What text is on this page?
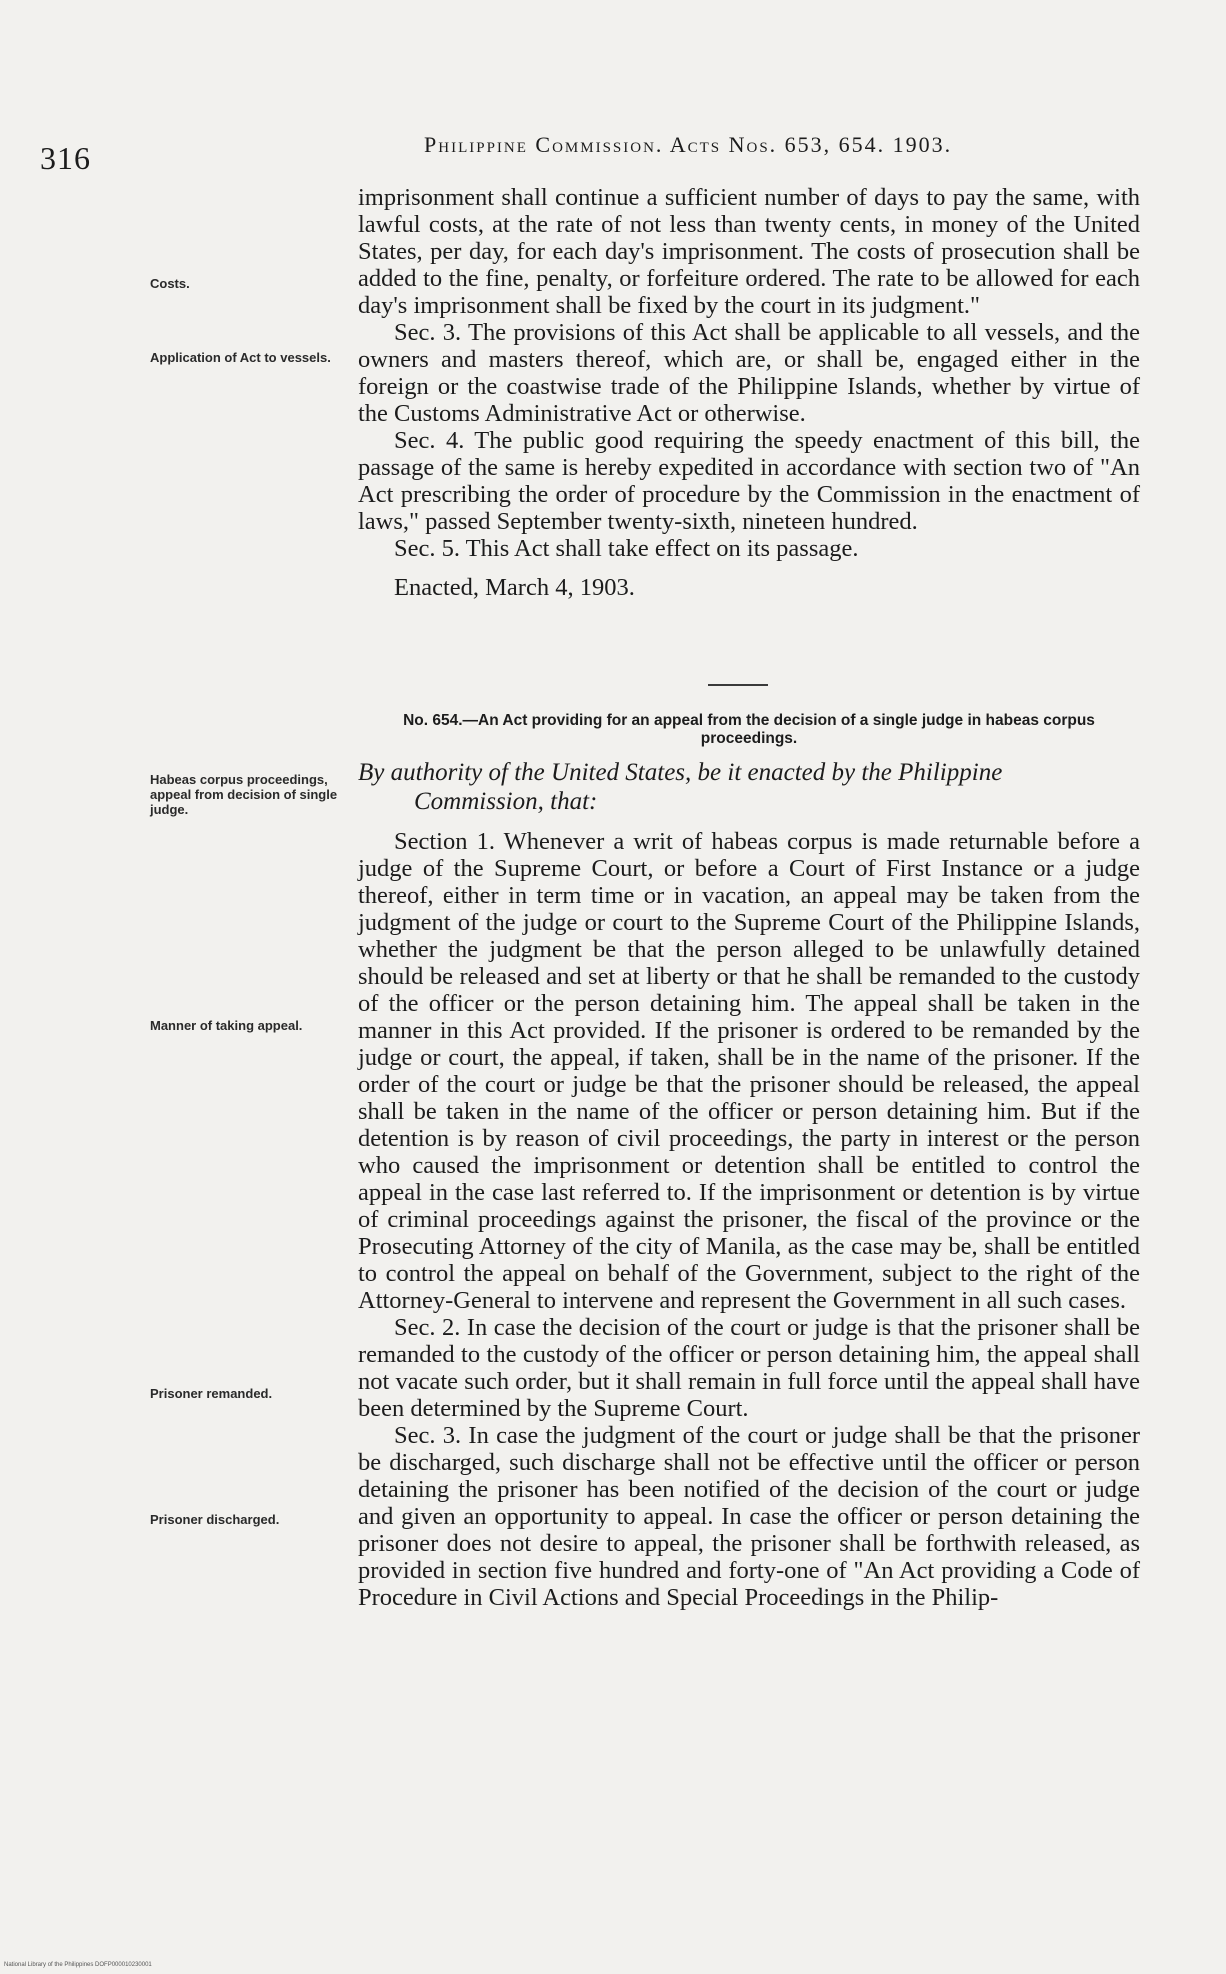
316	Philippine Commission. Acts Nos. 653, 654. 1903.

imprisonment shall continue a sufficient number of days to pay the same, with lawful costs, at the rate of not less than twenty cents, in money of the United States, per day, for each day's imprisonment. The costs of prosecution shall be added to the fine, penalty, or forfeiture ordered. The rate to be allowed for each day's imprisonment shall be fixed by the court in its judgment."

Sec. 3. The provisions of this Act shall be applicable to all vessels, and the owners and masters thereof, which are, or shall be, engaged either in the foreign or the coastwise trade of the Philippine Islands, whether by virtue of the Customs Administrative Act or otherwise.

Sec. 4. The public good requiring the speedy enactment of this bill, the passage of the same is hereby expedited in accordance with section two of "An Act prescribing the order of procedure by the Commission in the enactment of laws," passed September twenty-sixth, nineteen hundred.

Sec. 5. This Act shall take effect on its passage.

Enacted, March 4, 1903.

Costs.
Application of Act to vessels.
No. 654.—An Act providing for an appeal from the decision of a single judge in habeas corpus proceedings.
By authority of the United States, be it enacted by the Philippine
Commission, that:
Habeas corpus proceedings, appeal from decision of single judge.

Section 1. Whenever a writ of habeas corpus is made returnable before a judge of the Supreme Court, or before a Court of First Instance or a judge thereof, either in term time or in vacation, an appeal may be taken from the judgment of the judge or court to the Supreme Court of the Philippine Islands, whether the judgment be that the person alleged to be unlawfully detained should be released and set at liberty or that he shall be remanded to the custody of the officer or the person detaining him. The appeal shall be taken in the manner in this Act provided. If the prisoner is ordered to be remanded by the judge or court, the appeal, if taken, shall be in the name of the prisoner. If the order of the court or judge be that the prisoner should be released, the appeal shall be taken in the name of the officer or person detaining him. But if the detention is by reason of civil proceedings, the party in interest or the person who caused the imprisonment or detention shall be entitled to control the appeal in the case last referred to. If the imprisonment or detention is by virtue of criminal proceedings against the prisoner, the fiscal of the province or the Prosecuting Attorney of the city of Manila, as the case may be, shall be entitled to control the appeal on behalf of the Government, subject to the right of the Attorney-General to intervene and represent the Government in all such cases.

Sec. 2. In case the decision of the court or judge is that the prisoner shall be remanded to the custody of the officer or person detaining him, the appeal shall not vacate such order, but it shall remain in full force until the appeal shall have been determined by the Supreme Court.

Sec. 3. In case the judgment of the court or judge shall be that the prisoner be discharged, such discharge shall not be effective until the officer or person detaining the prisoner has been notified of the decision of the court or judge and given an opportunity to appeal. In case the officer or person detaining the prisoner does not desire to appeal, the prisoner shall be forthwith released, as provided in section five hundred and forty-one of "An Act providing a Code of Procedure in Civil Actions and Special Proceedings in the Philip-

Manner of taking appeal.
Prisoner remanded.
Prisoner discharged.
National Library of the Philippines DOFP000010230001
